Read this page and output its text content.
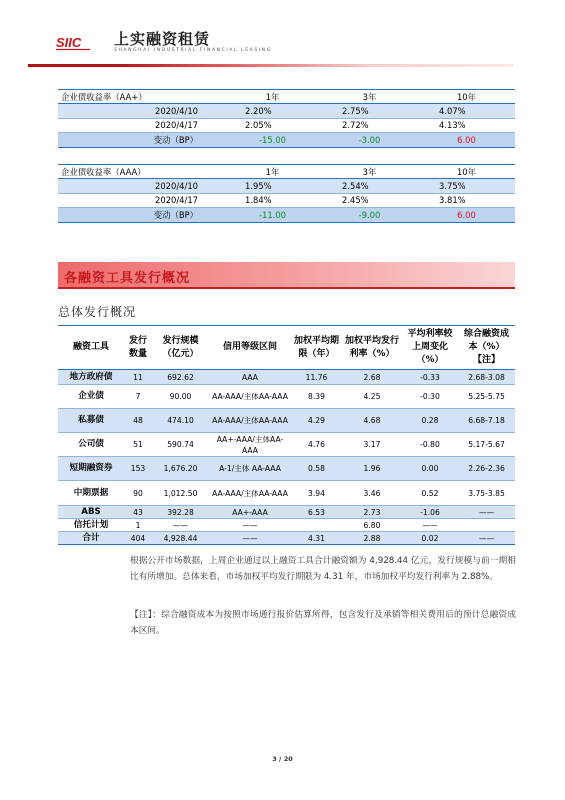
SIIC 上实融资租赁
SHANGHAI INDUSTRIAL FINANCIAL LEASING
企业债收益率（AA+）	1年	3年	10年
2020/4/10	2.20%	2.75%	4.07%
2020/4/17	2.05%	2.72%	4.13%
变动（BP）	-15.00	-3.00	6.00
企业债收益率（AAA）	1年	3年	10年
2020/4/10	1.95%	2.54%	3.75%
2020/4/17	1.84%	2.45%	3.81%
变动（BP）	-11.00	-9.00	6.00
各融资工具发行概况
总体发行概况
融资工具	发行数量	发行规模（亿元）	信用等级区间	加权平均期限（年）	加权平均发行利率（%）	平均利率较上周变化（%）	综合融资成本（%）【注】
地方政府债	11	692.62	AAA	11.76	2.68	-0.33	2.68-3.08
企业债	7	90.00	AA-AAA/主体AA-AAA	8.39	4.25	-0.30	5.25-5.75
私募债	48	474.10	AA-AAA/主体AA-AAA	4.29	4.68	0.28	6.68-7.18
公司债	51	590.74	AA+-AAA/主体AA-AAA	4.76	3.17	-0.80	5.17-5.67
短期融资券	153	1,676.20	A-1/主体 AA-AAA	0.58	1.96	0.00	2.26-2.36
中期票据	90	1,012.50	AA-AAA/主体AA-AAA	3.94	3.46	0.52	3.75-3.85
ABS	43	392.28	AA+-AAA	6.53	2.73	-1.06	——
信托计划	1	——	——		6.80	——	
合计	404	4,928.44	——	4.31	2.88	0.02	——

根据公开市场数据，上周企业通过以上融资工具合计融资额为 4,928.44 亿元，发行规模与前一期相比有所增加。总体来看，市场加权平均发行期限为 4.31 年，市场加权平均发行利率为 2.88%。

【注】：综合融资成本为按照市场通行报价估算所得，包含发行及承销等相关费用后的预计总融资成本区间。

3 / 20
